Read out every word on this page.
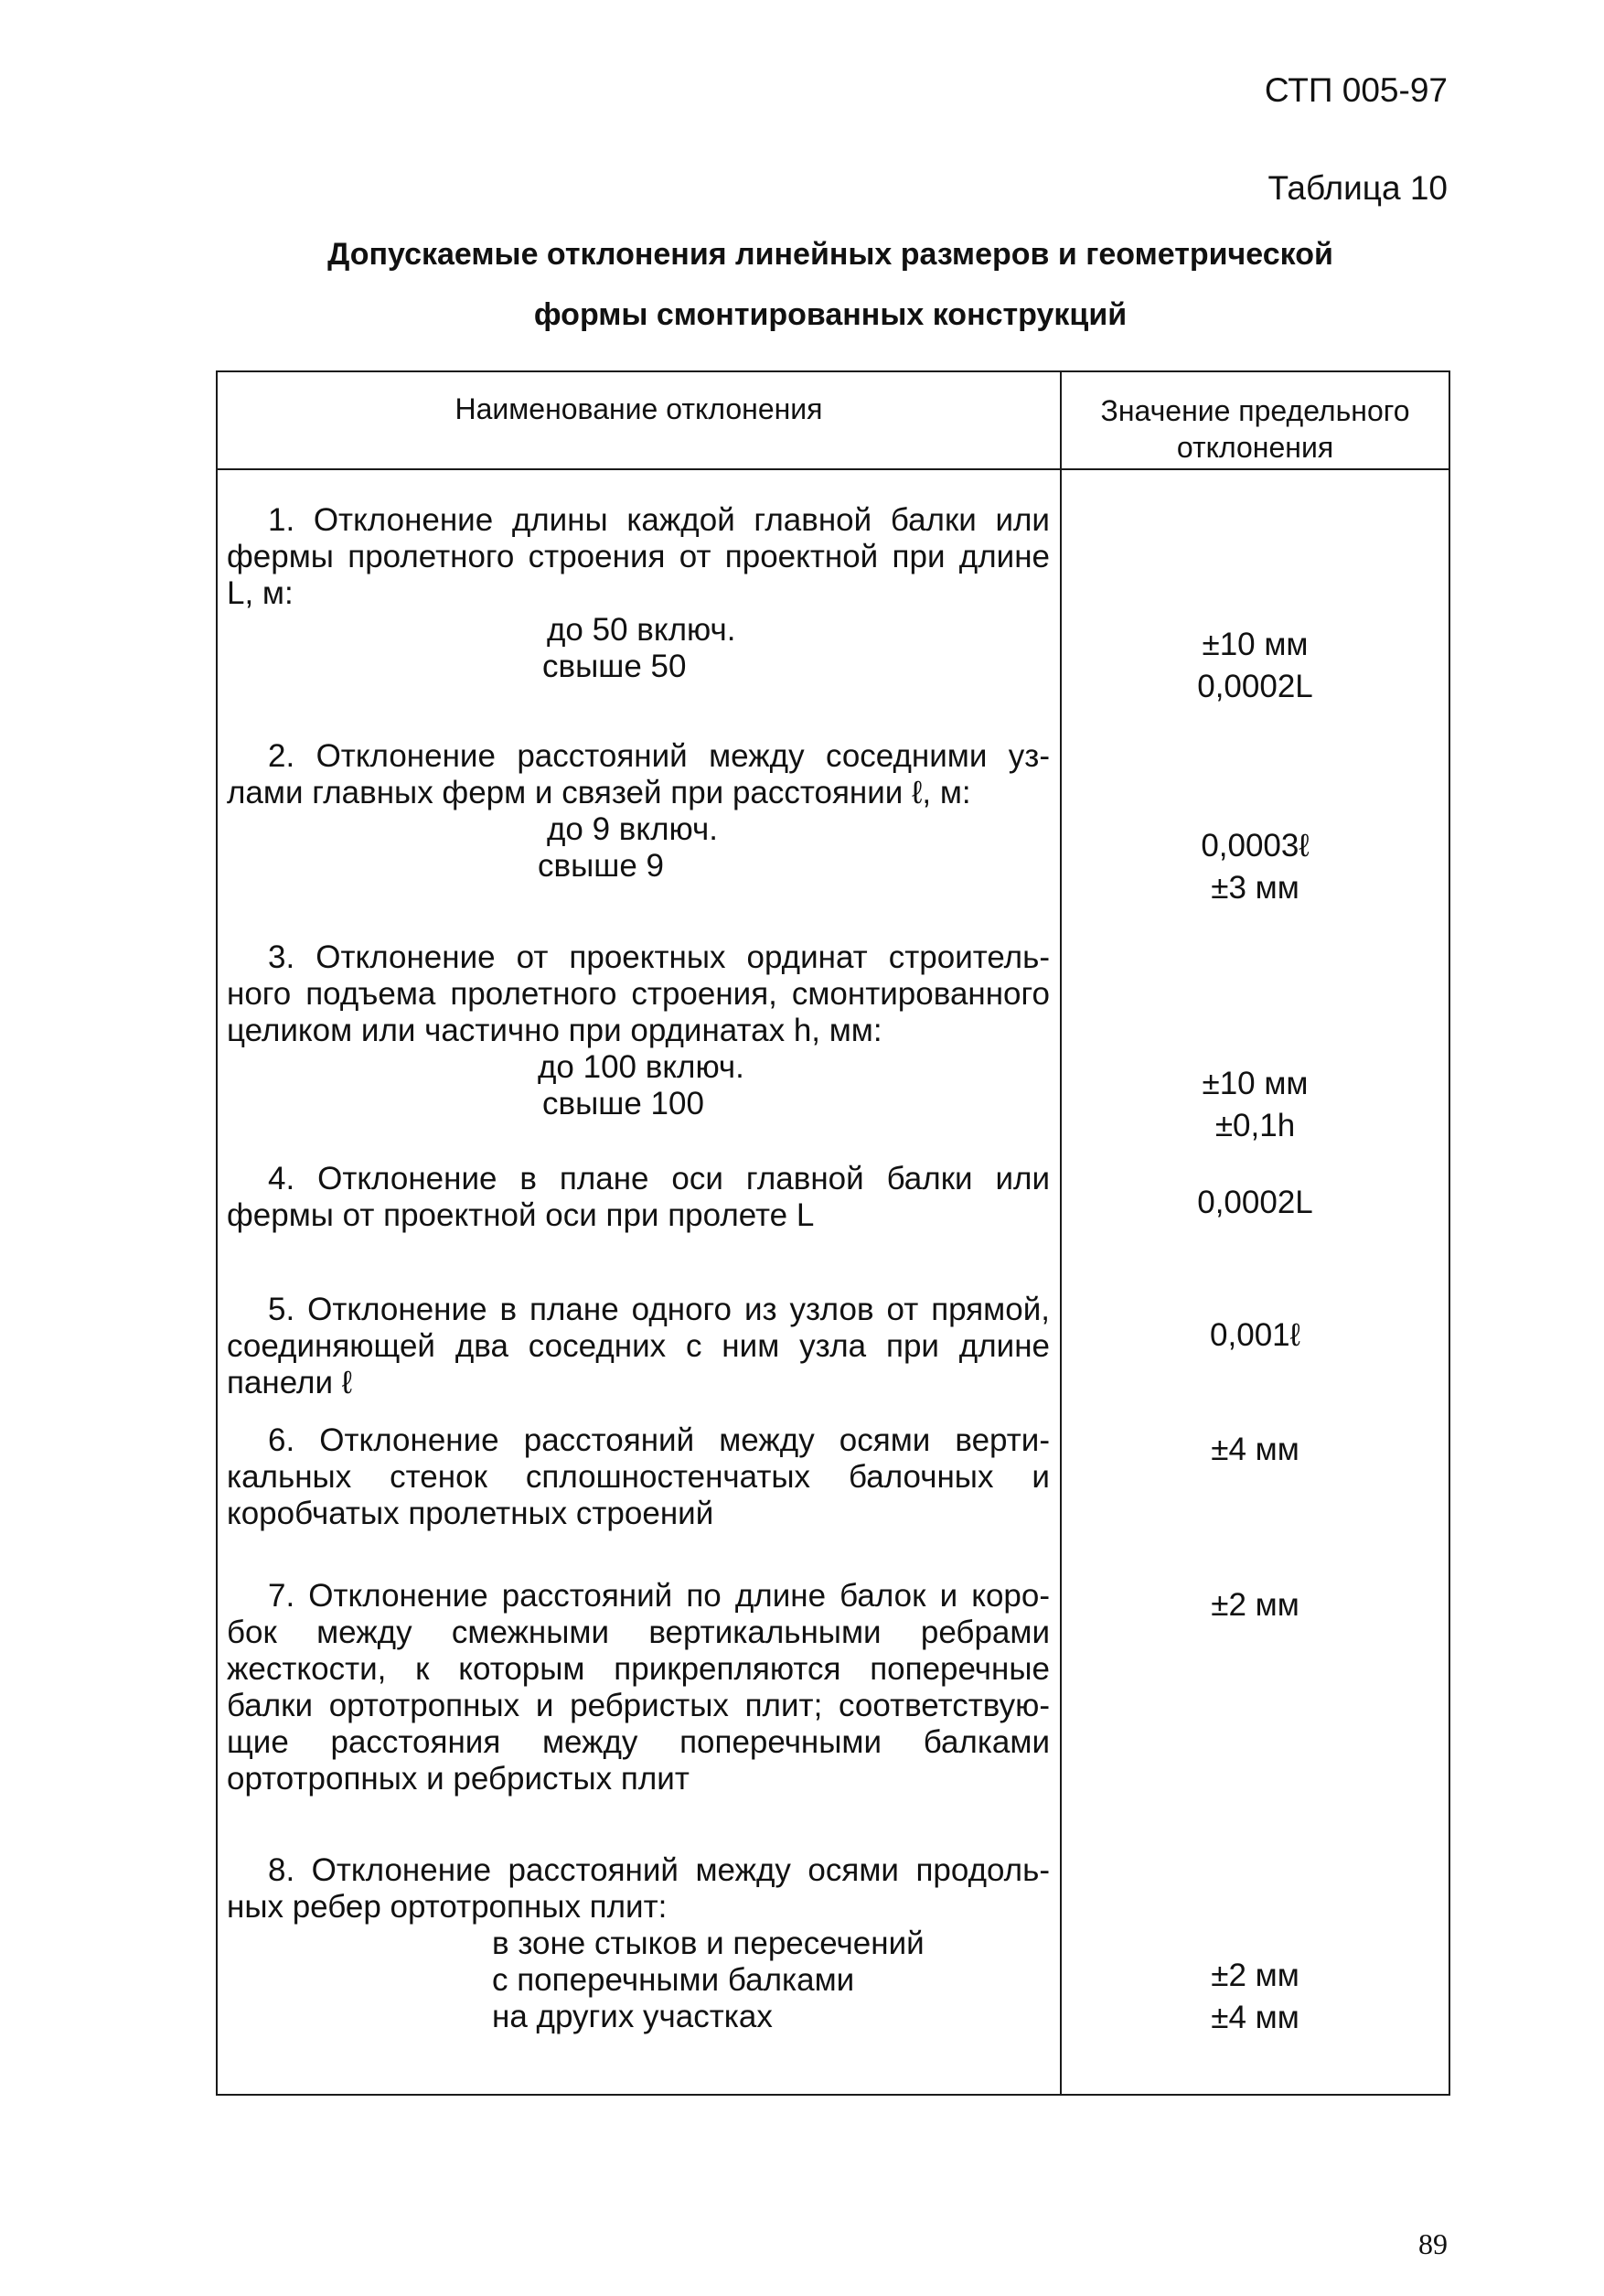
СТП 005-97
Таблица 10
Допускаемые отклонения линейных размеров и геометрической
формы смонтированных конструкций
Наименование отклонения	Значение предельного отклонения

1. Отклонение длины каждой главной балки или фермы пролетного строения от проектной при длине L, м:

до 50 включ.
свыше 50
±10 мм
0,0002L

2. Отклонение расстояний между соседними уз-лами главных ферм и связей при расстоянии ℓ, м:

до 9 включ.
свыше 9
0,0003ℓ
±3 мм

3. Отклонение от проектных ординат строитель-ного подъема пролетного строения, смонтированного целиком или частично при ординатах h, мм:

до 100 включ.
свыше 100
±10 мм
±0,1h

4. Отклонение в плане оси главной балки или фермы от проектной оси при пролете L	0,0002L

5. Отклонение в плане одного из узлов от прямой, соединяющей два соседних с ним узла при длине панели ℓ

0,001ℓ

6. Отклонение расстояний между осями верти-кальных стенок сплошностенчатых балочных и коробчатых пролетных строений

±4 мм

7. Отклонение расстояний по длине балок и коро-бок между смежными вертикальными ребрами жесткости, к которым прикрепляются поперечные балки ортотропных и ребристых плит; соответствую-щие расстояния между поперечными балками ортотропных и ребристых плит

±2 мм

8. Отклонение расстояний между осями продоль-ных ребер ортотропных плит:

в зоне стыков и пересечений с поперечными балками
на других участках
±2 мм
±4 мм
89
